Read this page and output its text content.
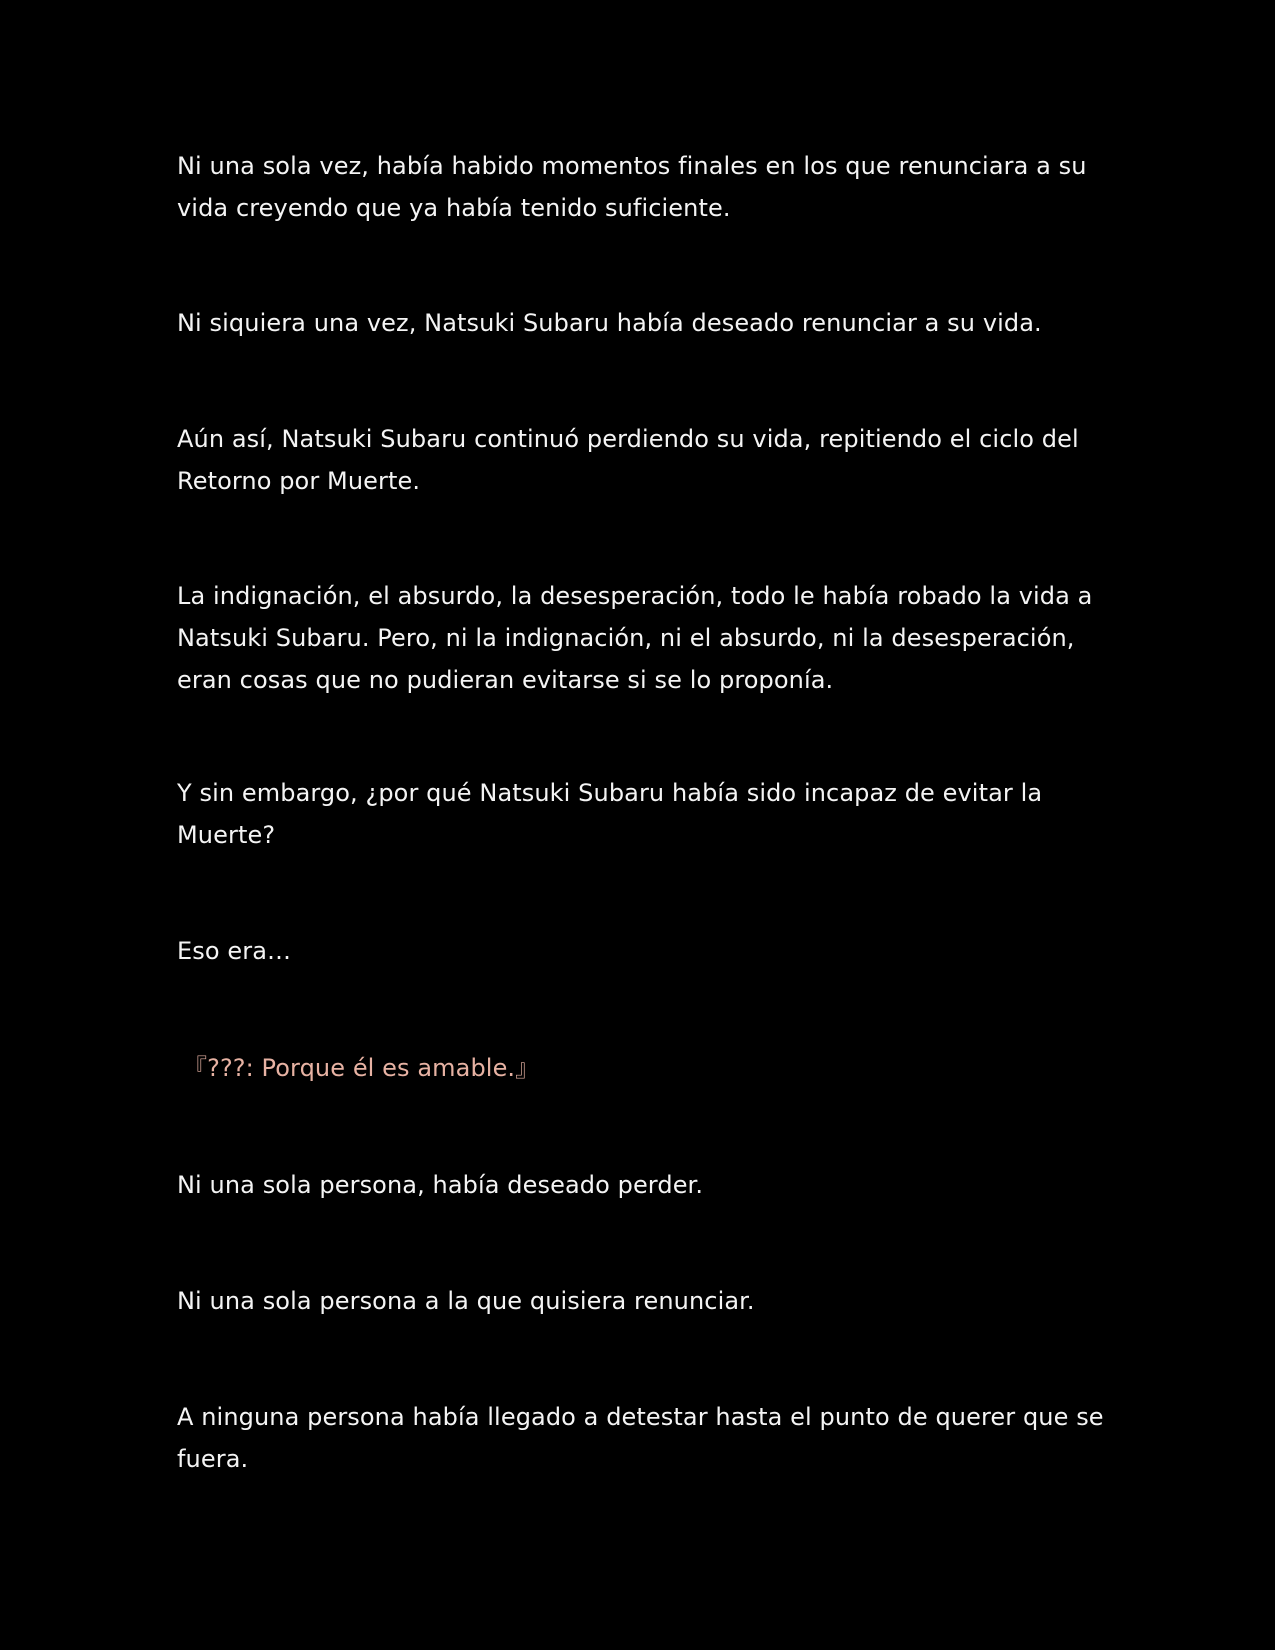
Ni una sola vez, había habido momentos finales en los que renunciara a su vida creyendo que ya había tenido suficiente.

Ni siquiera una vez, Natsuki Subaru había deseado renunciar a su vida.

Aún así, Natsuki Subaru continuó perdiendo su vida, repitiendo el ciclo del Retorno por Muerte.

La indignación, el absurdo, la desesperación, todo le había robado la vida a Natsuki Subaru. Pero, ni la indignación, ni el absurdo, ni la desesperación, eran cosas que no pudieran evitarse si se lo proponía.

Y sin embargo, ¿por qué Natsuki Subaru había sido incapaz de evitar la Muerte?

Eso era…

『???: Porque él es amable.』

Ni una sola persona, había deseado perder.

Ni una sola persona a la que quisiera renunciar.

A ninguna persona había llegado a detestar hasta el punto de querer que se fuera.
